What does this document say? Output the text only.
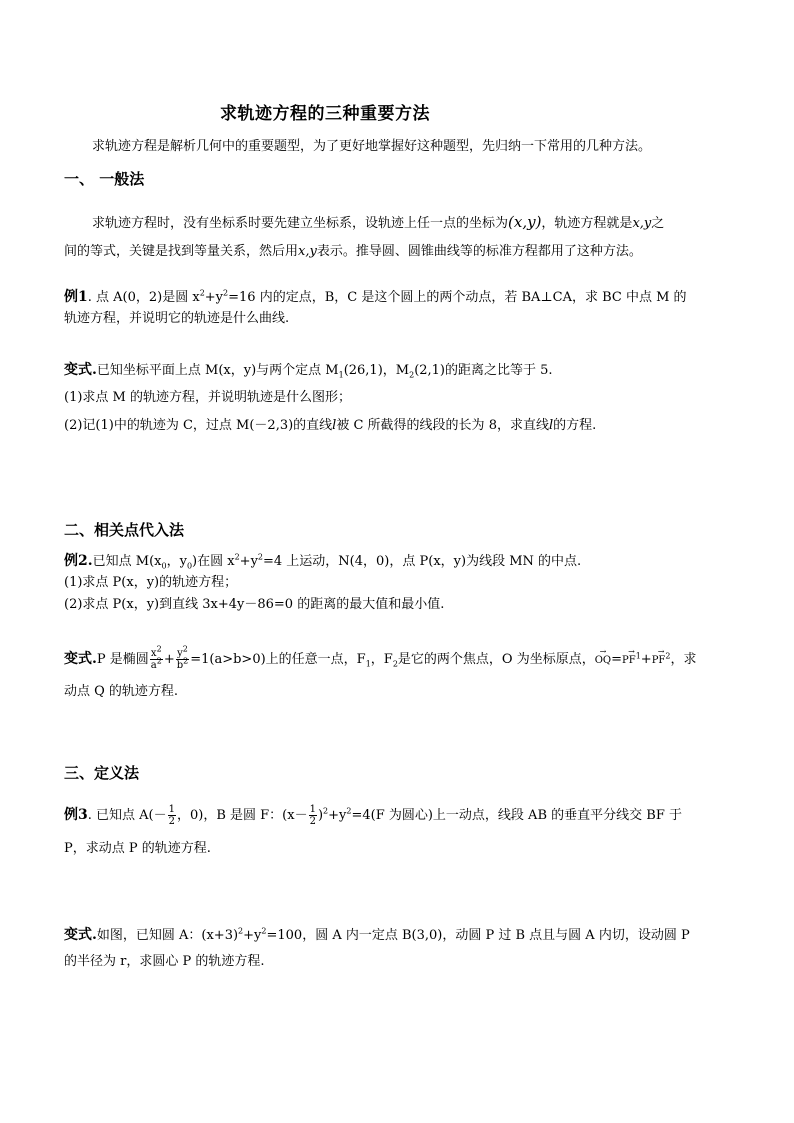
求轨迹方程的三种重要方法
求轨迹方程是解析几何中的重要题型，为了更好地掌握好这种题型，先归纳一下常用的几种方法。
一、 一般法
求轨迹方程时，没有坐标系时要先建立坐标系，设轨迹上任一点的坐标为(x,y)，轨迹方程就是x,y之
间的等式，关键是找到等量关系，然后用x,y表示。推导圆、圆锥曲线等的标准方程都用了这种方法。
例1. 点 A(0，2)是圆 $x^2+y^2=16$ 内的定点，B，C 是这个圆上的两个动点，若 BA⊥CA，求 BC 中点 M 的
轨迹方程，并说明它的轨迹是什么曲线.
变式.已知坐标平面上点 M(x，y)与两个定点 $M_1(26,1)$，$M_2(2,1)$的距离之比等于 5.
(1)求点 M 的轨迹方程，并说明轨迹是什么图形；
(2)记(1)中的轨迹为 C，过点 M(－2,3)的直线l被 C 所截得的线段的长为 8，求直线l的方程.
二、相关点代入法
例2.已知点 $M(x_0$，$y_0$)在圆 $x^2+y^2=4$ 上运动，N(4，0)，点 P(x，y)为线段 MN 的中点.
(1)求点 P(x，y)的轨迹方程；
(2)求点 P(x，y)到直线 3x+4y－86=0 的距离的最大值和最小值.
变式.P 是椭圆 $\frac{x^2}{a^2} + \frac{y^2}{b^2} =1(a>b>0)$上的任意一点，$F_1$，$F_2$是它的两个焦点，O 为坐标原点，→ $OQ=\to PF^1+\to PF^2$，求
动点 Q 的轨迹方程.
三、定义法
例3. 已知点 $A(- \frac{1}{2}$ ，0)，B 是圆 F：$(x- \frac{1}{2} )^2+y^2=4(F$ 为圆心)上一动点，线段 AB 的垂直平分线交 BF 于
P，求动点 P 的轨迹方程.
变式.如图，已知圆 A：$(x+3)^2+y^2=100$，圆 A 内一定点 B(3,0)，动圆 P 过 B 点且与圆 A 内切，设动圆 P
的半径为 r，求圆心 P 的轨迹方程.
